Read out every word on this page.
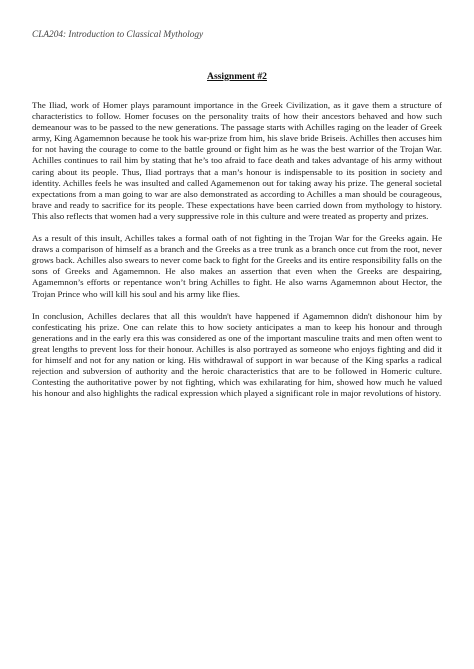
CLA204: Introduction to Classical Mythology
Assignment #2

The Iliad, work of Homer plays paramount importance in the Greek Civilization, as it gave them a structure of characteristics to follow. Homer focuses on the personality traits of how their ancestors behaved and how such demeanour was to be passed to the new generations. The passage starts with Achilles raging on the leader of Greek army, King Agamemnon because he took his war-prize from him, his slave bride Briseis. Achilles then accuses him for not having the courage to come to the battle ground or fight him as he was the best warrior of the Trojan War. Achilles continues to rail him by stating that he’s too afraid to face death and takes advantage of his army without caring about its people. Thus, Iliad portrays that a man’s honour is indispensable to its position in society and identity. Achilles feels he was insulted and called Agamemenon out for taking away his prize. The general societal expectations from a man going to war are also demonstrated as according to Achilles a man should be courageous, brave and ready to sacrifice for its people. These expectations have been carried down from mythology to history. This also reflects that women had a very suppressive role in this culture and were treated as property and prizes.

As a result of this insult, Achilles takes a formal oath of not fighting in the Trojan War for the Greeks again. He draws a comparison of himself as a branch and the Greeks as a tree trunk as a branch once cut from the root, never grows back. Achilles also swears to never come back to fight for the Greeks and its entire responsibility falls on the sons of Greeks and Agamemnon. He also makes an assertion that even when the Greeks are despairing, Agamemnon’s efforts or repentance won’t bring Achilles to fight. He also warns Agamemnon about Hector, the Trojan Prince who will kill his soul and his army like flies.

In conclusion, Achilles declares that all this wouldn't have happened if Agamemnon didn't dishonour him by confesticating his prize. One can relate this to how society anticipates a man to keep his honour and through generations and in the early era this was considered as one of the important masculine traits and men often went to great lengths to prevent loss for their honour. Achilles is also portrayed as someone who enjoys fighting and did it for himself and not for any nation or king. His withdrawal of support in war because of the King sparks a radical rejection and subversion of authority and the heroic characteristics that are to be followed in Homeric culture. Contesting the authoritative power by not fighting, which was exhilarating for him, showed how much he valued his honour and also highlights the radical expression which played a significant role in major revolutions of history.
